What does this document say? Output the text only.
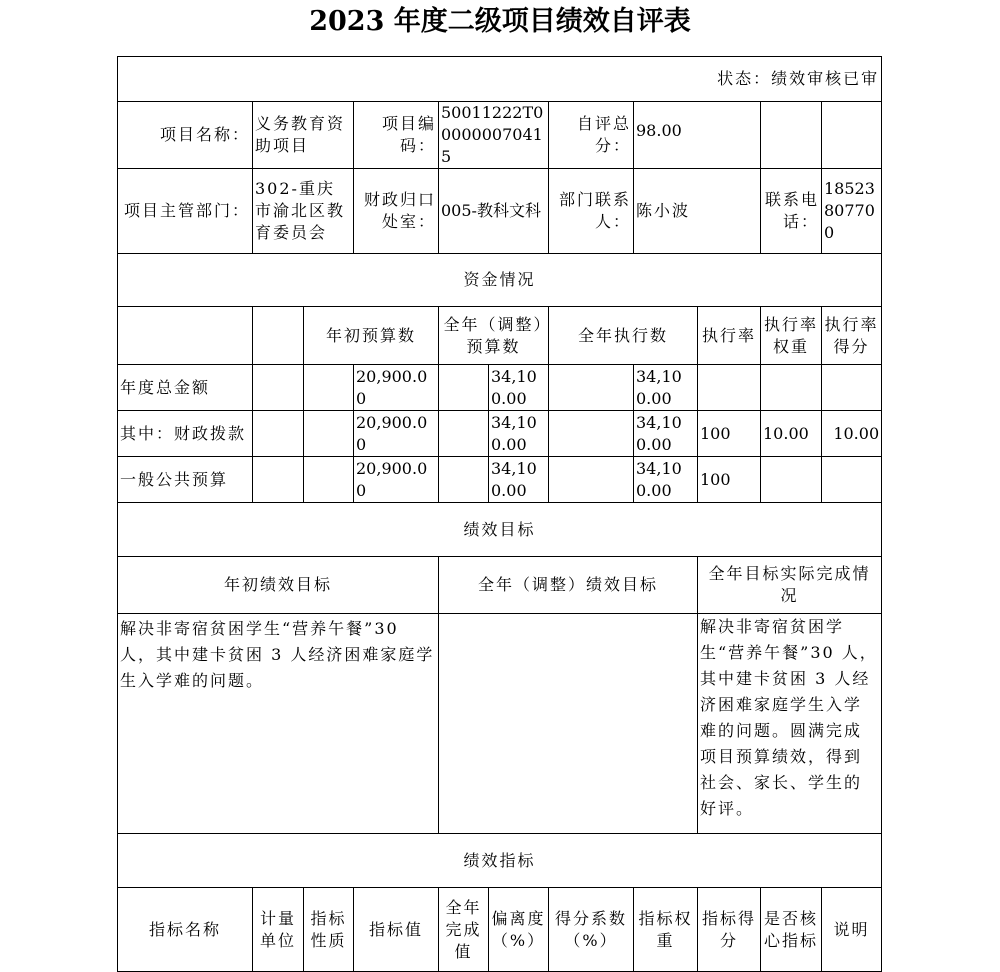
2023 年度二级项目绩效自评表
状态：绩效审核已审										
项目名称：	义务教育资助项目		项目编码：	50011222T000000070415		自评总分：	98.00			
项目主管部门：	302-重庆市渝北区教育委员会		财政归口处室：	005-教科文科		部门联系人：	陈小波		联系电话：	18523807700
资金情况										
		年初预算数		全年（调整）预算数		全年执行数		执行率	执行率权重	执行率得分
年度总金额			20,900.00		34,100.00		34,100.00			
其中：财政拨款			20,900.00		34,100.00		34,100.00	100	10.00	10.00
一般公共预算			20,900.00		34,100.00		34,100.00	100		
绩效目标										
年初绩效目标				全年（调整）绩效目标				全年目标实际完成情况		
解决非寄宿贫困学生“营养午餐”30 人，其中建卡贫困 3 人经济困难家庭学生入学难的问题。								解决非寄宿贫困学生“营养午餐”30 人，其中建卡贫困 3 人经济困难家庭学生入学难的问题。圆满完成项目预算绩效，得到社会、家长、学生的好评。		
绩效指标										
指标名称	计量单位	指标性质	指标值	全年完成值	偏离度（%）	得分系数（%）	指标权重	指标得分	是否核心指标	说明
